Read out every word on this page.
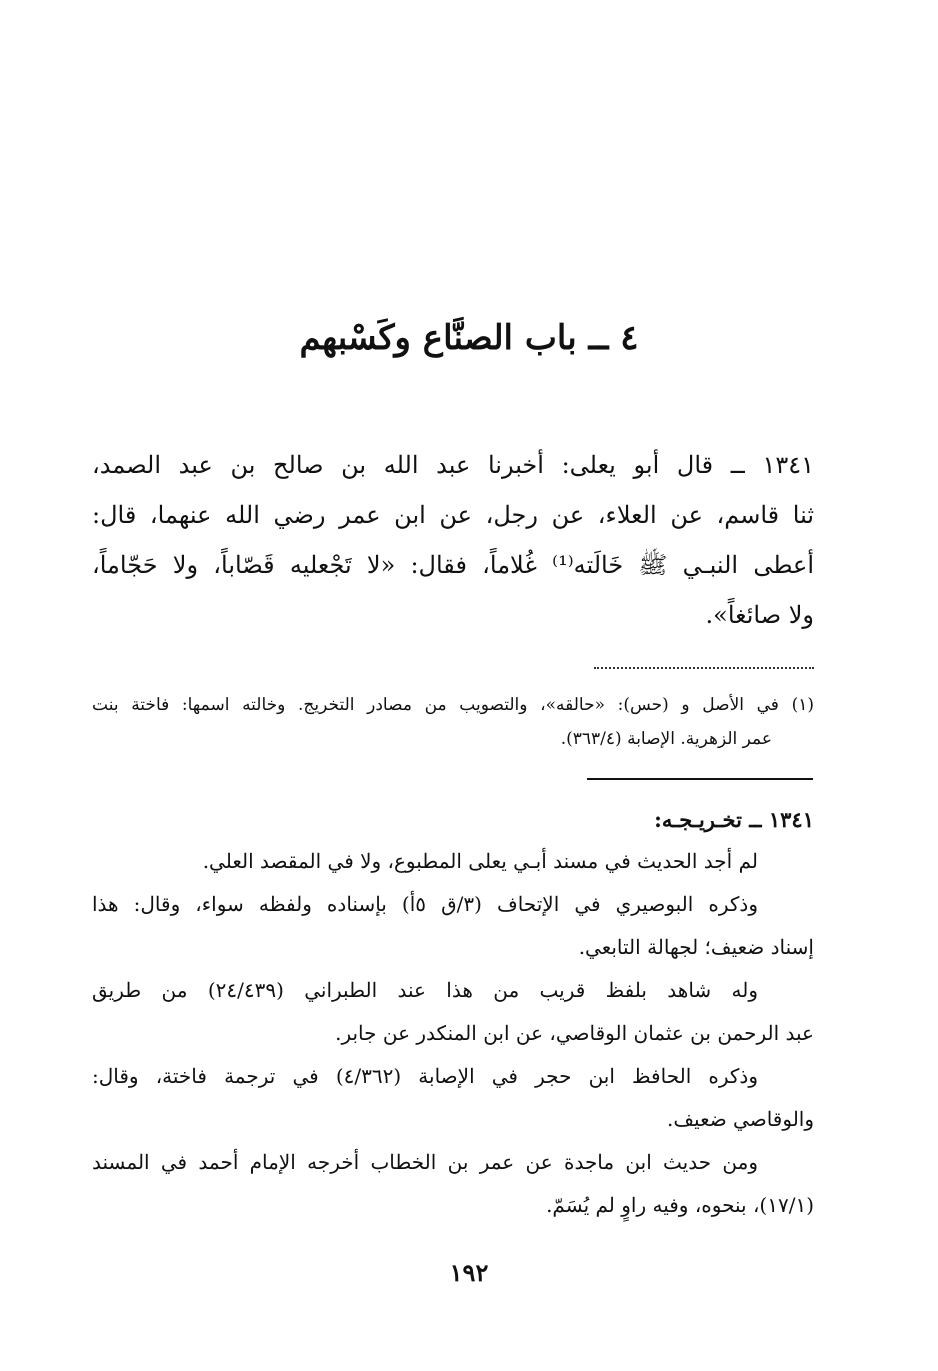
٤ ــ باب الصنَّاع وكَسْبهم
١٣٤١ ــ قال أبو يعلى: أخبرنا عبد الله بن صالح بن عبد الصمد،
ثنا قاسم، عن العلاء، عن رجل، عن ابن عمر رضي الله عنهما، قال:
أعطى النبـي ﷺ خَالَته⁽¹⁾ غُلاماً، فقال: «لا تَجْعليه قَصّاباً، ولا حَجّاماً،
ولا صائغاً».
(١) في الأصل و (حس): «حالقه»، والتصويب من مصادر التخريج. وخالته اسمها: فاختة بنت
عمر الزهرية. الإصابة (٣٦٣/٤).
١٣٤١ ــ تخـريـجـه:
لم أجد الحديث في مسند أبـي يعلى المطبوع، ولا في المقصد العلي.
وذكره البوصيري في الإتحاف (٣/ق ٥أ) بإسناده ولفظه سواء، وقال: هذا
إسناد ضعيف؛ لجهالة التابعي.
وله شاهد بلفظ قريب من هذا عند الطبراني (٢٤/٤٣٩) من طريق
عبد الرحمن بن عثمان الوقاصي، عن ابن المنكدر عن جابر.
وذكره الحافظ ابن حجر في الإصابة (٤/٣٦٢) في ترجمة فاختة، وقال:
والوقاصي ضعيف.
ومن حديث ابن ماجدة عن عمر بن الخطاب أخرجه الإمام أحمد في المسند
(١٧/١)، بنحوه، وفيه راوٍ لم يُسَمّ.
١٩٢
